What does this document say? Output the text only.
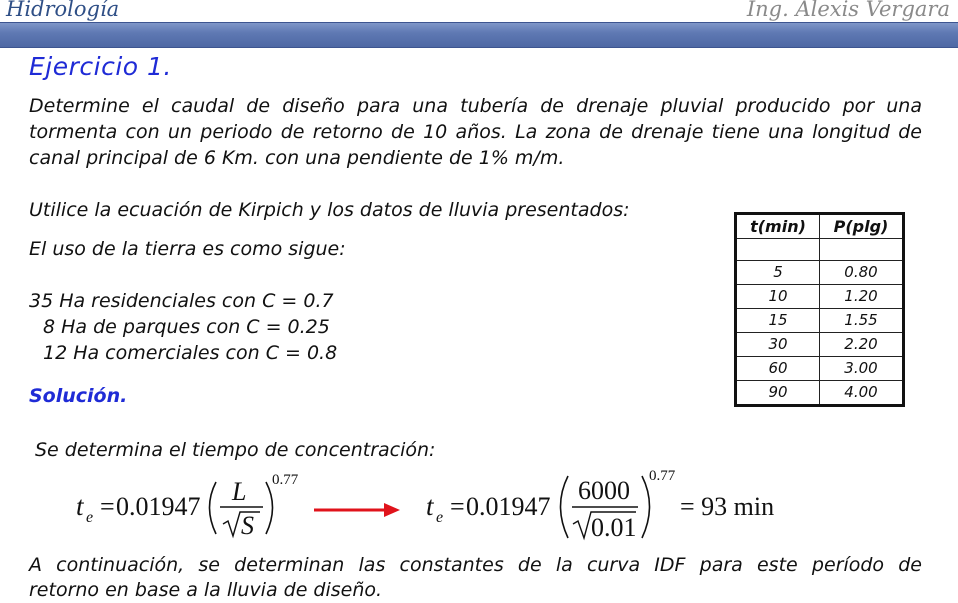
Hidrología	Ing. Alexis Vergara
Ejercicio 1.
Determine el caudal de diseño para una tubería de drenaje pluvial producido por una
tormenta con un periodo de retorno de 10 años. La zona de drenaje tiene una longitud de
canal principal de 6 Km. con una pendiente de 1% m/m.
Utilice la ecuación de Kirpich y los datos de lluvia presentados:
El uso de la tierra es como sigue:
35 Ha residenciales con C = 0.7
8 Ha de parques con C = 0.25
12 Ha comerciales con C = 0.8
Solución.
t(min)	P(plg)

5	0.80
10	1.20
15	1.55
30	2.20
60	3.00
90	4.00
Se determina el tiempo de concentración:
t e = 0.01947
L
S
0.77
t e = 0.01947
6000
0.01
0.77
= 93 min
A continuación, se determinan las constantes de la curva IDF para este período de
retorno en base a la lluvia de diseño.
